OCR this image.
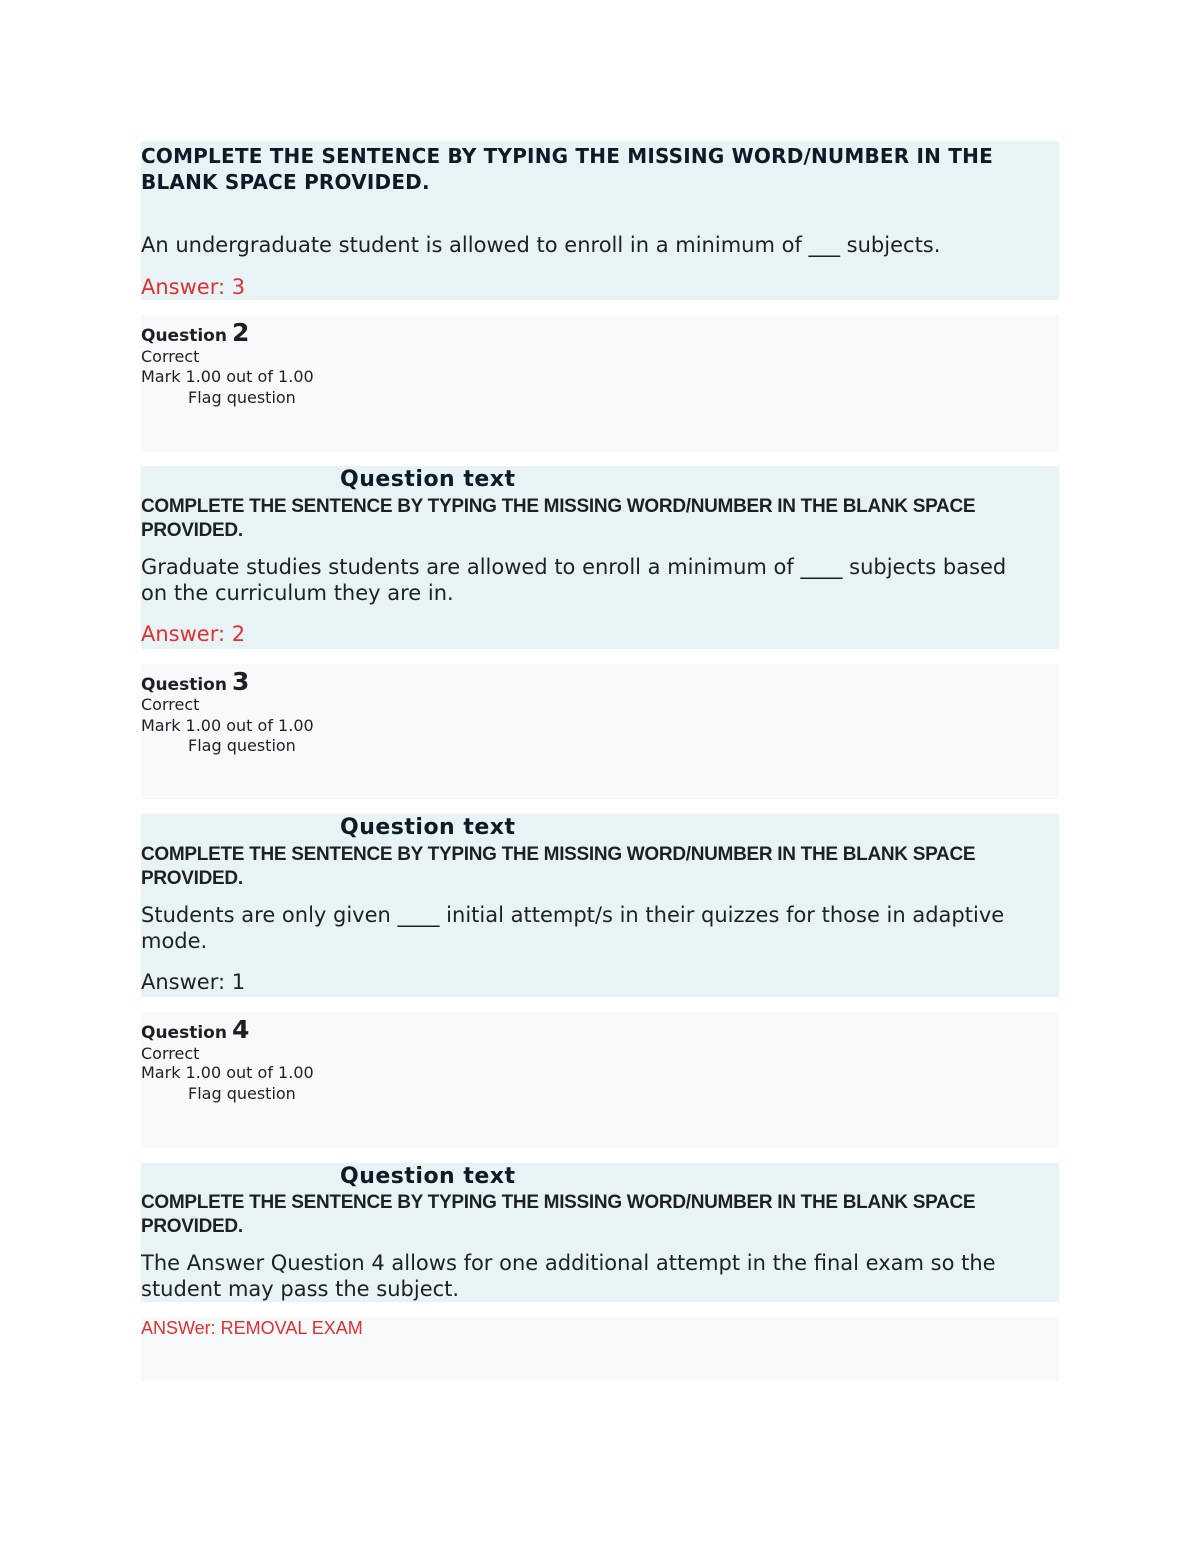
COMPLETE THE SENTENCE BY TYPING THE MISSING WORD/NUMBER IN THE BLANK SPACE PROVIDED.
An undergraduate student is allowed to enroll in a minimum of ___ subjects.
Answer: 3
Question 2
Correct
Mark 1.00 out of 1.00
Flag question
Question text
COMPLETE THE SENTENCE BY TYPING THE MISSING WORD/NUMBER IN THE BLANK SPACE PROVIDED.
Graduate studies students are allowed to enroll a minimum of ____ subjects based on the curriculum they are in.
Answer: 2
Question 3
Correct
Mark 1.00 out of 1.00
Flag question
Question text
COMPLETE THE SENTENCE BY TYPING THE MISSING WORD/NUMBER IN THE BLANK SPACE PROVIDED.
Students are only given ____ initial attempt/s in their quizzes for those in adaptive mode.
Answer: 1
Question 4
Correct
Mark 1.00 out of 1.00
Flag question
Question text
COMPLETE THE SENTENCE BY TYPING THE MISSING WORD/NUMBER IN THE BLANK SPACE PROVIDED.
The Answer Question 4 allows for one additional attempt in the final exam so the student may pass the subject.
ANSWer: REMOVAL EXAM
